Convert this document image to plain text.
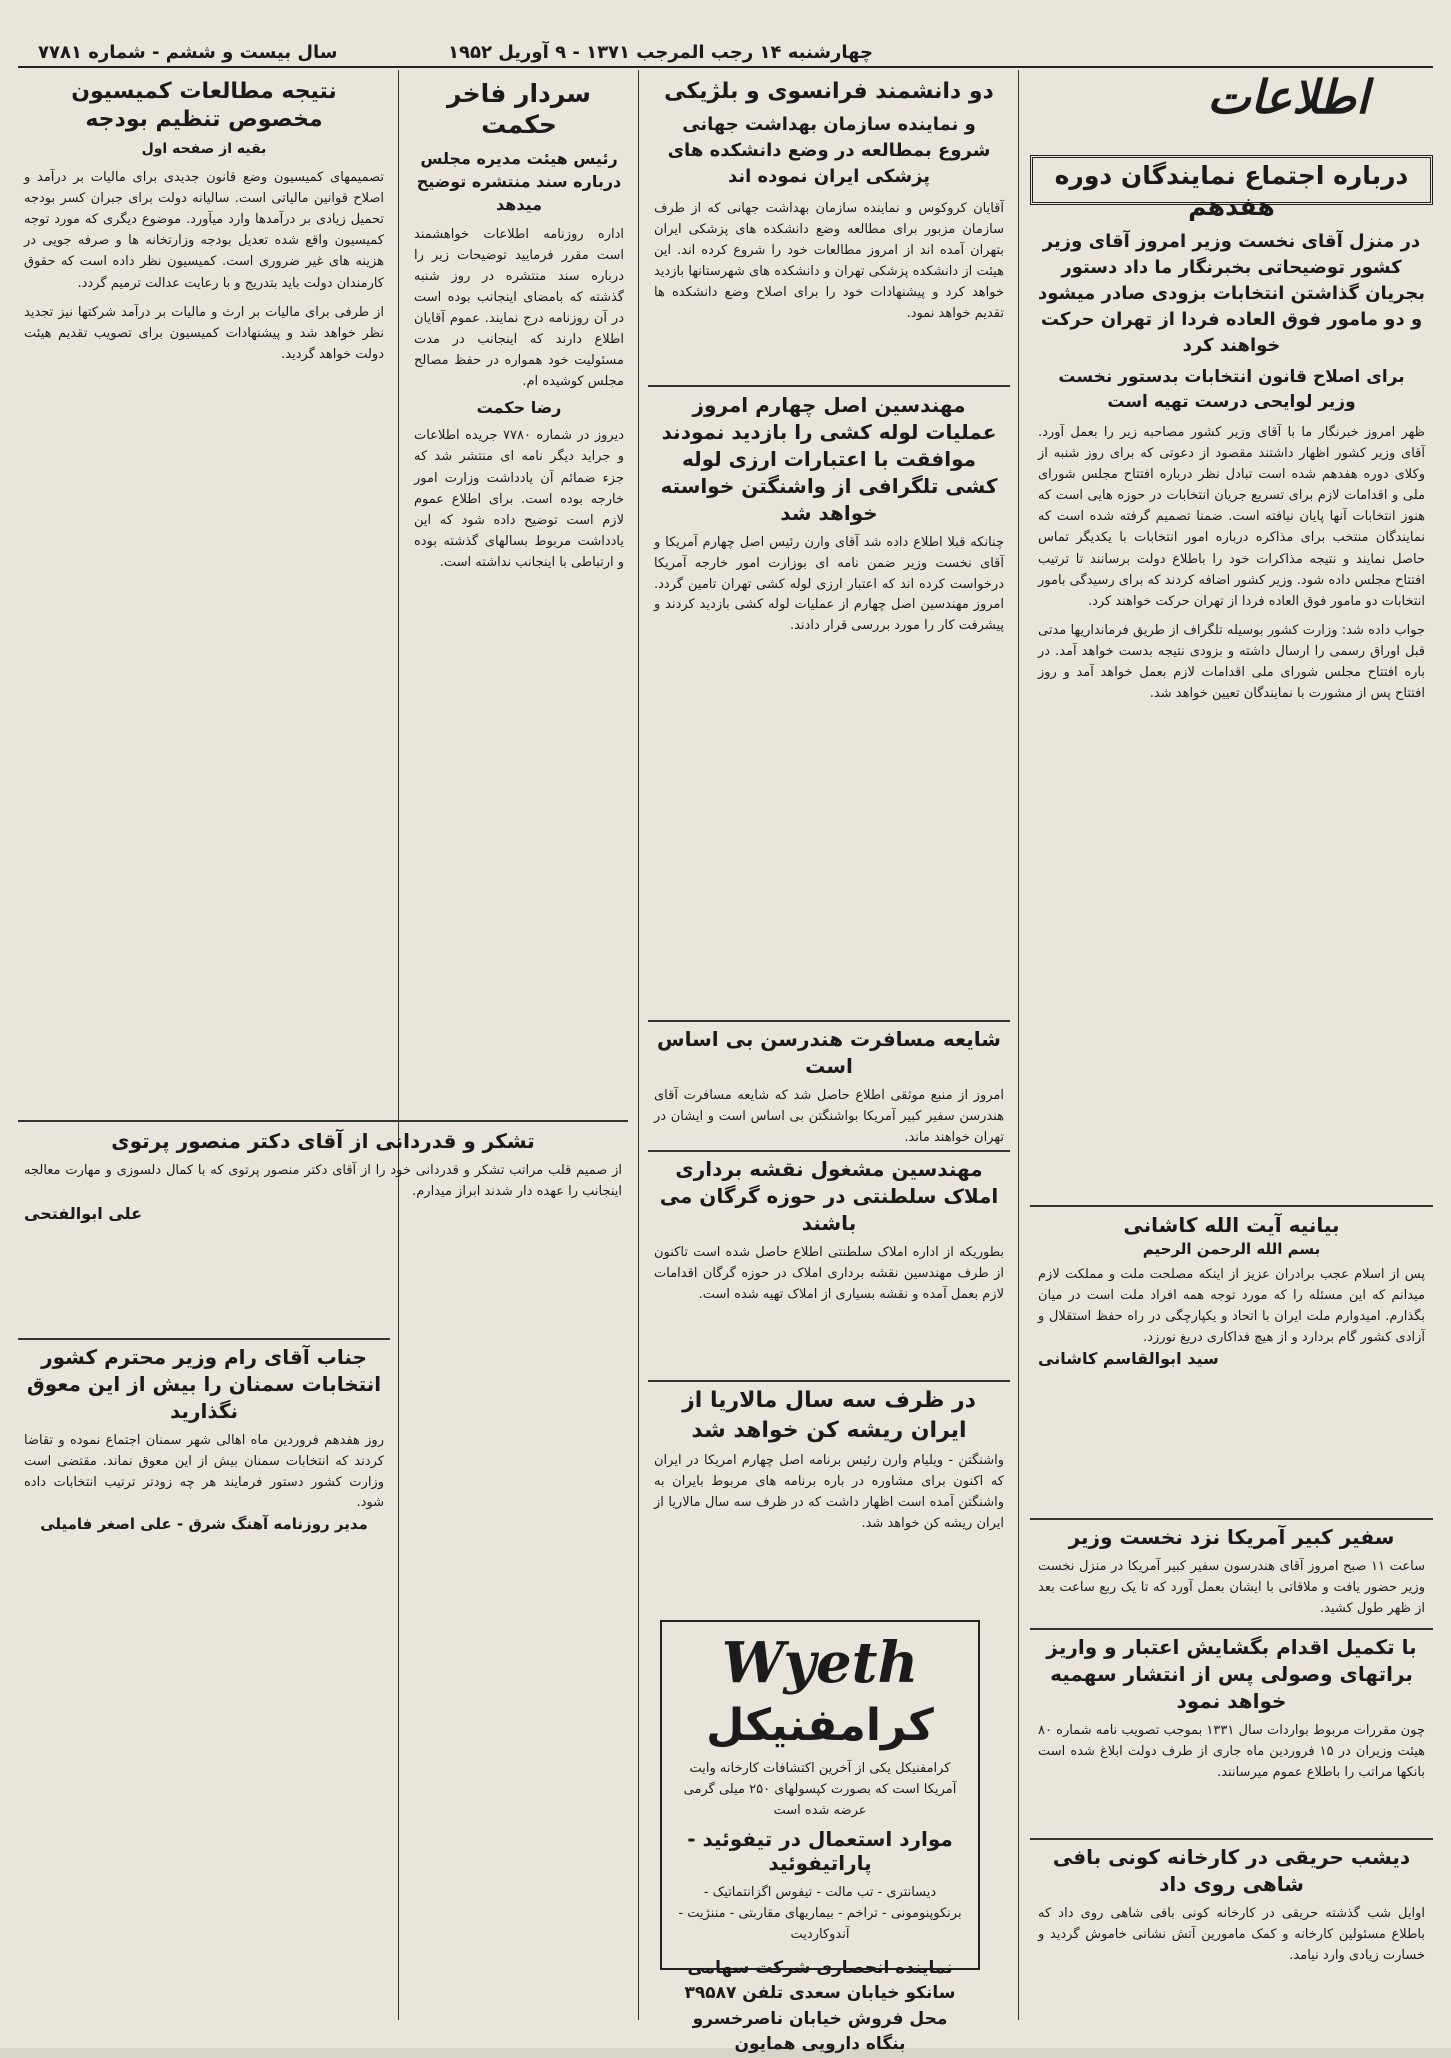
چهارشنبه ۱۴ رجب المرجب ۱۳۷۱ - ۹ آوریل ۱۹۵۲
سال بیست و ششم - شماره ۷۷۸۱
اطلاعات
درباره اجتماع نمایندگان دوره هفدهم
در منزل آقای نخست وزیر امروز آقای وزیر کشور توضیحاتی بخبرنگار ما داد دستور بجریان گذاشتن انتخابات بزودی صادر میشود و دو مامور فوق العاده فردا از تهران حرکت خواهند کرد
برای اصلاح قانون انتخابات بدستور نخست وزیر لوایحی درست تهیه است
ظهر امروز خبرنگار ما با آقای وزیر کشور مصاحبه زیر را بعمل آورد. آقای وزیر کشور اظهار داشتند مقصود از دعوتی که برای روز شنبه از وکلای دوره هفدهم شده است تبادل نظر درباره افتتاح مجلس شورای ملی و اقدامات لازم برای تسریع جریان انتخابات در حوزه هایی است که هنوز انتخابات آنها پایان نیافته است. ضمنا تصمیم گرفته شده است که نمایندگان منتخب برای مذاکره درباره امور انتخابات با یکدیگر تماس حاصل نمایند و نتیجه مذاکرات خود را باطلاع دولت برسانند تا ترتیب افتتاح مجلس داده شود. وزیر کشور اضافه کردند که برای رسیدگی بامور انتخابات دو مامور فوق العاده فردا از تهران حرکت خواهند کرد.
جواب داده شد: وزارت کشور بوسیله تلگراف از طریق فرمانداریها مدتی قبل اوراق رسمی را ارسال داشته و بزودی نتیجه بدست خواهد آمد. در باره افتتاح مجلس شورای ملی اقدامات لازم بعمل خواهد آمد و روز افتتاح پس از مشورت با نمایندگان تعیین خواهد شد.
بیانیه آیت الله کاشانی
بسم الله الرحمن الرحیم
پس از اسلام عجب برادران عزیز از اینکه مصلحت ملت و مملکت لازم میدانم که این مسئله را که مورد توجه همه افراد ملت است در میان بگذارم. امیدوارم ملت ایران با اتحاد و یکپارچگی در راه حفظ استقلال و آزادی کشور گام بردارد و از هیچ فداکاری دریغ نورزد.
سید ابوالقاسم کاشانی
سفیر کبیر آمریکا نزد نخست وزیر
ساعت ۱۱ صبح امروز آقای هندرسون سفیر کبیر آمریکا در منزل نخست وزیر حضور یافت و ملاقاتی با ایشان بعمل آورد که تا یک ربع ساعت بعد از ظهر طول کشید.
با تکمیل اقدام بگشایش اعتبار و واریز براتهای وصولی پس از انتشار سهمیه خواهد نمود
چون مقررات مربوط بواردات سال ۱۳۳۱ بموجب تصویب نامه شماره ۸۰ هیئت وزیران در ۱۵ فروردین ماه جاری از طرف دولت ابلاغ شده است بانکها مراتب را باطلاع عموم میرسانند.
دیشب حریقی در کارخانه کونی بافی شاهی روی داد
اوایل شب گذشته حریقی در کارخانه کونی بافی شاهی روی داد که باطلاع مسئولین کارخانه و کمک مامورین آتش نشانی خاموش گردید و خسارت زیادی وارد نیامد.
دو دانشمند فرانسوی و بلژیکی
و نماینده سازمان بهداشت جهانی شروع بمطالعه در وضع دانشکده های پزشکی ایران نموده اند
آقایان کروکوس و نماینده سازمان بهداشت جهانی که از طرف سازمان مزبور برای مطالعه وضع دانشکده های پزشکی ایران بتهران آمده اند از امروز مطالعات خود را شروع کرده اند. این هیئت از دانشکده پزشکی تهران و دانشکده های شهرستانها بازدید خواهد کرد و پیشنهادات خود را برای اصلاح وضع دانشکده ها تقدیم خواهد نمود.
مهندسین اصل چهارم امروز عملیات لوله کشی را بازدید نمودند موافقت با اعتبارات ارزی لوله کشی تلگرافی از واشنگتن خواسته خواهد شد
چنانکه قبلا اطلاع داده شد آقای وارن رئیس اصل چهارم آمریکا و آقای نخست وزیر ضمن نامه ای بوزارت امور خارجه آمریکا درخواست کرده اند که اعتبار ارزی لوله کشی تهران تامین گردد. امروز مهندسین اصل چهارم از عملیات لوله کشی بازدید کردند و پیشرفت کار را مورد بررسی قرار دادند.
شایعه مسافرت هندرسن بی اساس است
امروز از منبع موثقی اطلاع حاصل شد که شایعه مسافرت آقای هندرسن سفیر کبیر آمریکا بواشنگتن بی اساس است و ایشان در تهران خواهند ماند.
مهندسین مشغول نقشه برداری املاک سلطنتی در حوزه گرگان می باشند
بطوریکه از اداره املاک سلطنتی اطلاع حاصل شده است تاکنون از طرف مهندسین نقشه برداری املاک در حوزه گرگان اقدامات لازم بعمل آمده و نقشه بسیاری از املاک تهیه شده است.
در ظرف سه سال مالاریا از ایران ریشه کن خواهد شد
واشنگتن - ویلیام وارن رئیس برنامه اصل چهارم امریکا در ایران که اکنون برای مشاوره در باره برنامه های مربوط بایران به واشنگتن آمده است اظهار داشت که در ظرف سه سال مالاریا از ایران ریشه کن خواهد شد.
Wyeth
کرامفنیکل
کرامفنیکل یکی از آخرین اکتشافات کارخانه وایت آمریکا است که بصورت کپسولهای ۲۵۰ میلی گرمی عرضه شده است
موارد استعمال در تیفوئید - پاراتیفوئید
دیسانتری - تب مالت - تیفوس اگزانتماتیک - برنکوپنومونی - تراخم - بیماریهای مقاربتی - مننژیت - آندوکاردیت
نماینده انحصاری شرکت سهامی سانکو خیابان سعدی تلفن ۳۹۵۸۷ محل فروش خیابان ناصرخسرو بنگاه دارویی همایون
سردار فاخر حکمت
رئیس هیئت مدیره مجلس درباره سند منتشره توضیح میدهد
اداره روزنامه اطلاعات خواهشمند است مقرر فرمایید توضیحات زیر را درباره سند منتشره در روز شنبه گذشته که بامضای اینجانب بوده است در آن روزنامه درج نمایند. عموم آقایان اطلاع دارند که اینجانب در مدت مسئولیت خود همواره در حفظ مصالح مجلس کوشیده ام.
رضا حکمت
دیروز در شماره ۷۷۸۰ جریده اطلاعات و جراید دیگر نامه ای منتشر شد که جزء ضمائم آن یادداشت وزارت امور خارجه بوده است. برای اطلاع عموم لازم است توضیح داده شود که این یادداشت مربوط بسالهای گذشته بوده و ارتباطی با اینجانب نداشته است.
نتیجه مطالعات کمیسیون مخصوص تنظیم بودجه
بقیه از صفحه اول
تصمیمهای کمیسیون وضع قانون جدیدی برای مالیات بر درآمد و اصلاح قوانین مالیاتی است. سالیانه دولت برای جبران کسر بودجه تحمیل زیادی بر درآمدها وارد میآورد. موضوع دیگری که مورد توجه کمیسیون واقع شده تعدیل بودجه وزارتخانه ها و صرفه جویی در هزینه های غیر ضروری است. کمیسیون نظر داده است که حقوق کارمندان دولت باید بتدریج و با رعایت عدالت ترمیم گردد.
از طرفی برای مالیات بر ارث و مالیات بر درآمد شرکتها نیز تجدید نظر خواهد شد و پیشنهادات کمیسیون برای تصویب تقدیم هیئت دولت خواهد گردید.
تشکر و قدردانی از آقای دکتر منصور پرتوی
از صمیم قلب مراتب تشکر و قدردانی خود را از آقای دکتر منصور پرتوی که با کمال دلسوزی و مهارت معالجه اینجانب را عهده دار شدند ابراز میدارم.
علی ابوالفتحی
جناب آقای رام وزیر محترم کشور انتخابات سمنان را بیش از این معوق نگذارید
روز هفدهم فروردین ماه اهالی شهر سمنان اجتماع نموده و تقاضا کردند که انتخابات سمنان بیش از این معوق نماند. مقتضی است وزارت کشور دستور فرمایند هر چه زودتر ترتیب انتخابات داده شود.
مدیر روزنامه آهنگ شرق - علی اصغر فامیلی
